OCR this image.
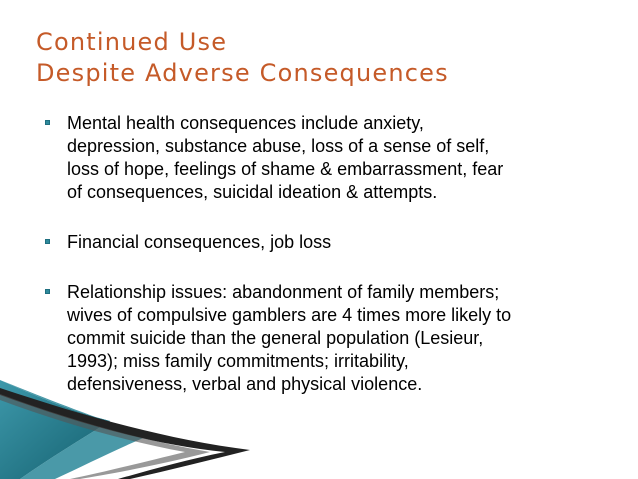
Continued Use
Despite Adverse Consequences
Mental health consequences include anxiety,
depression, substance abuse, loss of a sense of self,
loss of hope, feelings of shame & embarrassment, fear
of consequences, suicidal ideation & attempts.
Financial consequences, job loss
Relationship issues: abandonment of family members;
wives of compulsive gamblers are 4 times more likely to
commit suicide than the general population (Lesieur,
1993); miss family commitments; irritability,
defensiveness, verbal and physical violence.
